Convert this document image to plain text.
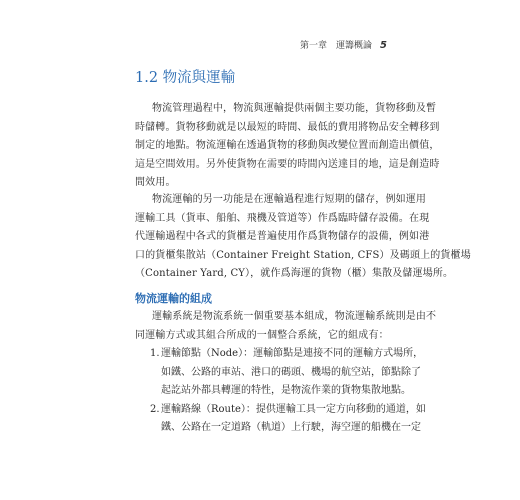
第一章　運籌概論 5
1.2 物流與運輸

物流管理過程中，物流與運輸提供兩個主要功能，貨物移動及暫
時儲轉。貨物移動就是以最短的時間、最低的費用將物品安全轉移到
制定的地點。物流運輸在透過貨物的移動與改變位置而創造出價值，
這是空間效用。另外使貨物在需要的時間內送達目的地，這是創造時
間效用。

物流運輸的另一功能是在運輸過程進行短期的儲存，例如運用
運輸工具（貨車、船舶、飛機及管道等）作爲臨時儲存設備。在現
代運輸過程中各式的貨櫃是普遍使用作爲貨物儲存的設備，例如港
口的貨櫃集散站（Container Freight Station, CFS）及碼頭上的貨櫃場
（Container Yard, CY），就作爲海運的貨物（櫃）集散及儲運場所。

物流運輸的組成

運輸系統是物流系統一個重要基本組成，物流運輸系統則是由不
同運輸方式或其組合所成的一個整合系統，它的組成有：

1. 運輸節點（Node）：運輸節點是連接不同的運輸方式場所，
如鐵、公路的車站、港口的碼頭、機場的航空站，節點除了
起訖站外都具轉運的特性，是物流作業的貨物集散地點。
2. 運輸路線（Route）：提供運輸工具一定方向移動的通道，如
鐵、公路在一定道路（軌道）上行駛，海空運的船機在一定
